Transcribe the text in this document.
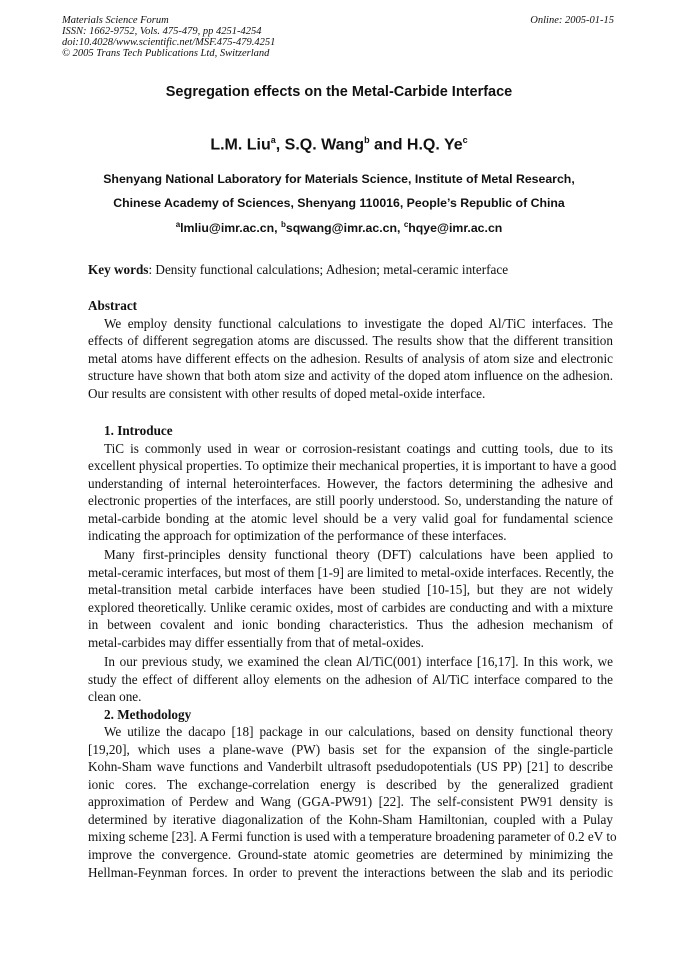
Materials Science Forum
ISSN: 1662-9752, Vols. 475-479, pp 4251-4254
doi:10.4028/www.scientific.net/MSF.475-479.4251
© 2005 Trans Tech Publications Ltd, Switzerland
Online: 2005-01-15
Segregation effects on the Metal-Carbide Interface
L.M. Liu$^a$, S.Q. Wang$^b$ and H.Q. Ye$^c$
Shenyang National Laboratory for Materials Science, Institute of Metal Research,
Chinese Academy of Sciences, Shenyang 110016, People’s Republic of China
$^a$lmliu@imr.ac.cn, $^b$sqwang@imr.ac.cn, $^c$hqye@imr.ac.cn
Key words: Density functional calculations; Adhesion; metal-ceramic interface
Abstract
We employ density functional calculations to investigate the doped Al/TiC interfaces. The
effects of different segregation atoms are discussed. The results show that the different transition
metal atoms have different effects on the adhesion. Results of analysis of atom size and electronic
structure have shown that both atom size and activity of the doped atom influence on the adhesion.
Our results are consistent with other results of doped metal-oxide interface.
1. Introduce
TiC is commonly used in wear or corrosion-resistant coatings and cutting tools, due to its
excellent physical properties. To optimize their mechanical properties, it is important to have a good
understanding of internal heterointerfaces. However, the factors determining the adhesive and
electronic properties of the interfaces, are still poorly understood. So, understanding the nature of
metal-carbide bonding at the atomic level should be a very valid goal for fundamental science
indicating the approach for optimization of the performance of these interfaces.
Many first-principles density functional theory (DFT) calculations have been applied to
metal-ceramic interfaces, but most of them [1-9] are limited to metal-oxide interfaces. Recently, the
metal-transition metal carbide interfaces have been studied [10-15], but they are not widely
explored theoretically. Unlike ceramic oxides, most of carbides are conducting and with a mixture
in between covalent and ionic bonding characteristics. Thus the adhesion mechanism of
metal-carbides may differ essentially from that of metal-oxides.
In our previous study, we examined the clean Al/TiC(001) interface [16,17]. In this work, we
study the effect of different alloy elements on the adhesion of Al/TiC interface compared to the
clean one.
2. Methodology
We utilize the dacapo [18] package in our calculations, based on density functional theory
[19,20], which uses a plane-wave (PW) basis set for the expansion of the single-particle
Kohn-Sham wave functions and Vanderbilt ultrasoft psedudopotentials (US PP) [21] to describe
ionic cores. The exchange-correlation energy is described by the generalized gradient
approximation of Perdew and Wang (GGA-PW91) [22]. The self-consistent PW91 density is
determined by iterative diagonalization of the Kohn-Sham Hamiltonian, coupled with a Pulay
mixing scheme [23]. A Fermi function is used with a temperature broadening parameter of 0.2 eV to
improve the convergence. Ground-state atomic geometries are determined by minimizing the
Hellman-Feynman forces. In order to prevent the interactions between the slab and its periodic
